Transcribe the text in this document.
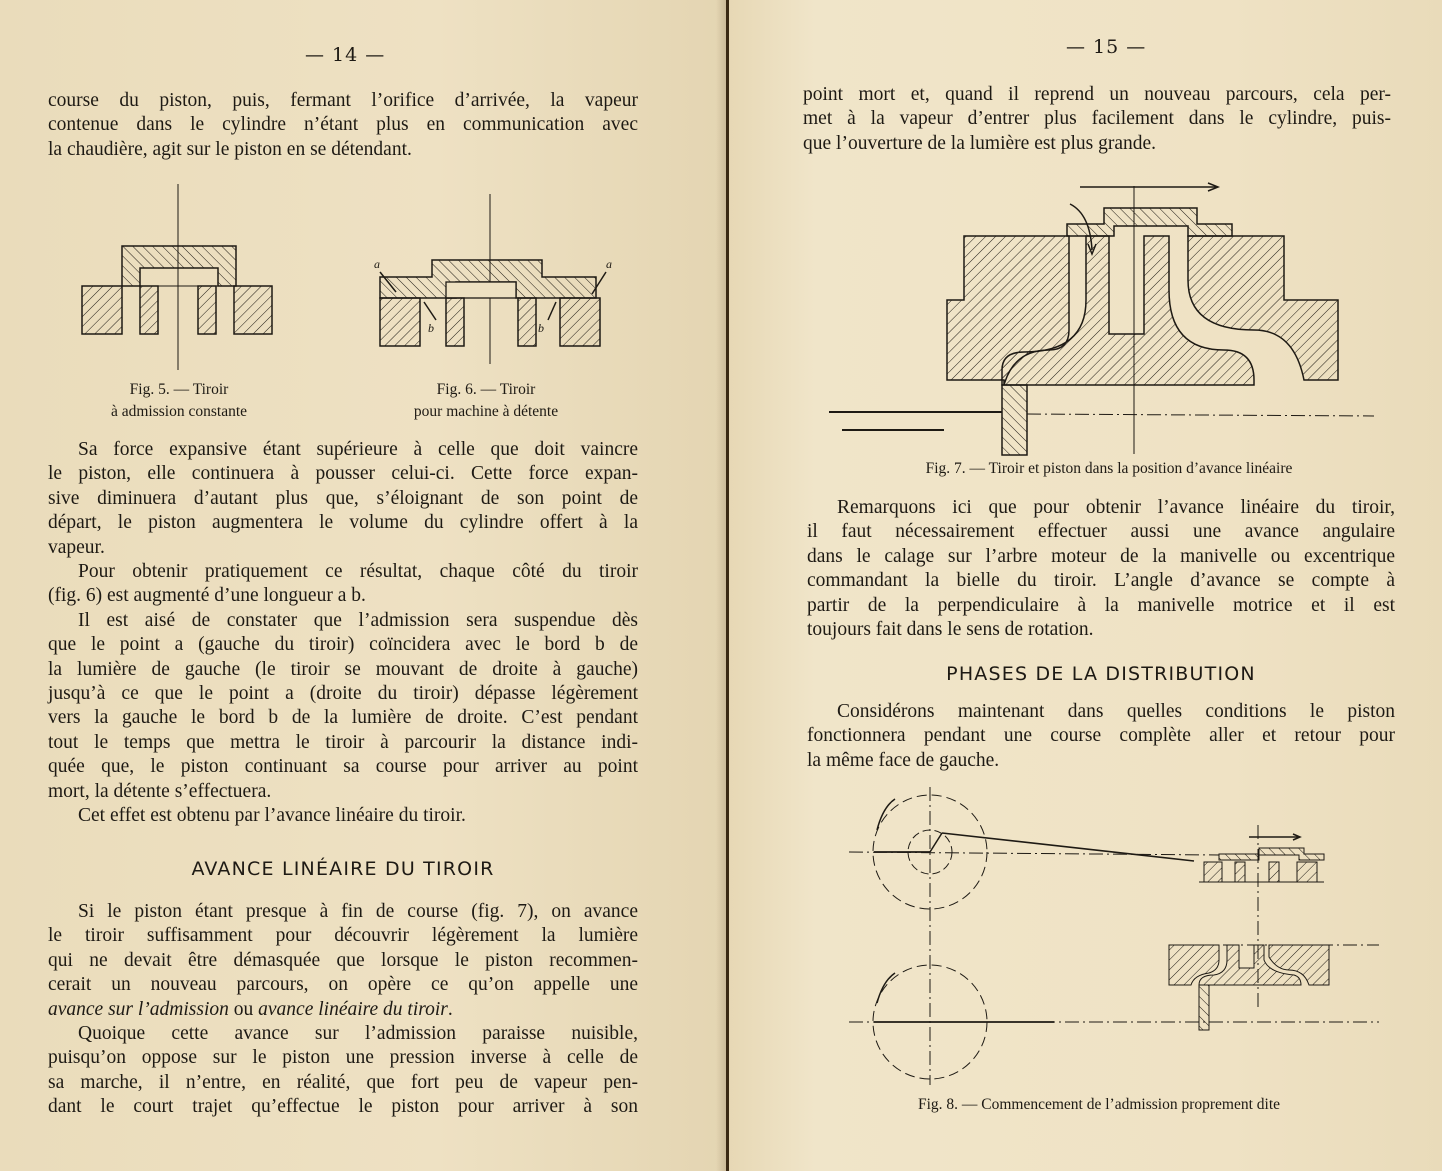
— 14 —
course du piston, puis, fermant l’orifice d’arrivée, la vapeur
contenue dans le cylindre n’étant plus en communication avec
la chaudière, agit sur le piston en se détendant.
Fig. 5. — Tiroir
à admission constante
a	a
b	b
Fig. 6. — Tiroir
pour machine à détente
Sa force expansive étant supérieure à celle que doit vaincre
le piston, elle continuera à pousser celui-ci. Cette force expan-
sive diminuera d’autant plus que, s’éloignant de son point de
départ, le piston augmentera le volume du cylindre offert à la
vapeur.
Pour obtenir pratiquement ce résultat, chaque côté du tiroir
(fig. 6) est augmenté d’une longueur a b.
Il est aisé de constater que l’admission sera suspendue dès
que le point a (gauche du tiroir) coïncidera avec le bord b de
la lumière de gauche (le tiroir se mouvant de droite à gauche)
jusqu’à ce que le point a (droite du tiroir) dépasse légèrement
vers la gauche le bord b de la lumière de droite. C’est pendant
tout le temps que mettra le tiroir à parcourir la distance indi-
quée que, le piston continuant sa course pour arriver au point
mort, la détente s’effectuera.
Cet effet est obtenu par l’avance linéaire du tiroir.
AVANCE LINÉAIRE DU TIROIR
Si le piston étant presque à fin de course (fig. 7), on avance
le tiroir suffisamment pour découvrir légèrement la lumière
qui ne devait être démasquée que lorsque le piston recommen-
cerait un nouveau parcours, on opère ce qu’on appelle une
avance sur l’admission ou avance linéaire du tiroir.
Quoique cette avance sur l’admission paraisse nuisible,
puisqu’on oppose sur le piston une pression inverse à celle de
sa marche, il n’entre, en réalité, que fort peu de vapeur pen-
dant le court trajet qu’effectue le piston pour arriver à son
— 15 —
point mort et, quand il reprend un nouveau parcours, cela per-
met à la vapeur d’entrer plus facilement dans le cylindre, puis-
que l’ouverture de la lumière est plus grande.
Fig. 7. — Tiroir et piston dans la position d’avance linéaire
Remarquons ici que pour obtenir l’avance linéaire du tiroir,
il faut nécessairement effectuer aussi une avance angulaire
dans le calage sur l’arbre moteur de la manivelle ou excentrique
commandant la bielle du tiroir. L’angle d’avance se compte à
partir de la perpendiculaire à la manivelle motrice et il est
toujours fait dans le sens de rotation.
PHASES DE LA DISTRIBUTION
Considérons maintenant dans quelles conditions le piston
fonctionnera pendant une course complète aller et retour pour
la même face de gauche.
Fig. 8. — Commencement de l’admission proprement dite
